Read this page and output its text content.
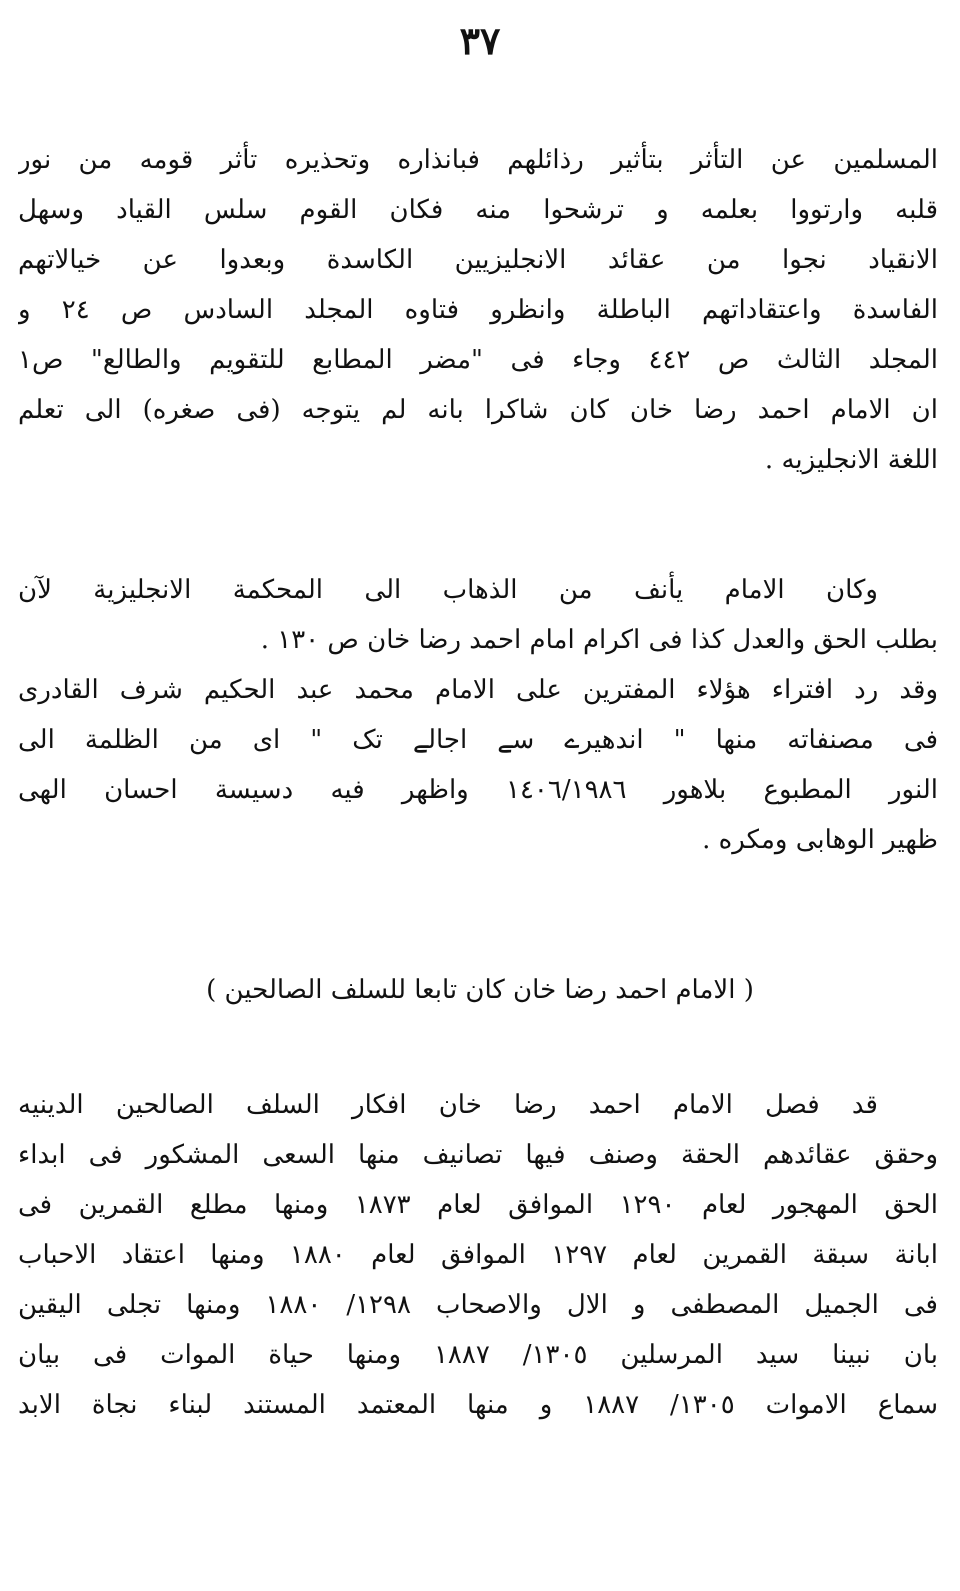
٣٧
المسلمين عن التأثر بتأثير رذائلهم فبانذاره وتحذيره تأثر قومه من نور
قلبه وارتووا بعلمه و ترشحوا منه فكان القوم سلس القياد وسهل
الانقياد نجوا من عقائد الانجليزيين الكاسدة وبعدوا عن خيالاتهم
الفاسدة واعتقاداتهم الباطلة وانظرو فتاوه المجلد السادس ص ٢٤ و
المجلد الثالث ص ٤٤٢ وجاء فى "مضر المطابع للتقويم والطالع" ص١
ان الامام احمد رضا خان كان شاكرا بانه لم يتوجه (فى صغره) الى تعلم
اللغة الانجليزيه .
وكان الامام يأنف من الذهاب الى المحكمة الانجليزية لآن
بطلب الحق والعدل كذا فى اكرام امام احمد رضا خان ص ١٣٠ .
وقد رد افتراء هؤلاء المفترين على الامام محمد عبد الحكيم شرف القادرى
فى مصنفاته منها " اندھیرے سے اجالے تک " اى من الظلمة الى
النور المطبوع بلاهور ١٤٠٦/١٩٨٦ واظهر فيه دسيسة احسان الهى
ظهير الوهابى ومكره .
( الامام احمد رضا خان كان تابعا للسلف الصالحين )
قد فصل الامام احمد رضا خان افكار السلف الصالحين الدينيه
وحقق عقائدهم الحقة وصنف فيها تصانيف منها السعى المشكور فى ابداء
الحق المهجور لعام ١٢٩٠ الموافق لعام ١٨٧٣ ومنها مطلع القمرين فى
ابانة سبقة القمرين لعام ١٢٩٧ الموافق لعام ١٨٨٠ ومنها اعتقاد الاحباب
فى الجميل المصطفى و الال والاصحاب ١٢٩٨/ ١٨٨٠ ومنها تجلى اليقين
بان نبينا سيد المرسلين ١٣٠٥/ ١٨٨٧ ومنها حياة الموات فى بيان
سماع الاموات ١٣٠٥/ ١٨٨٧ و منها المعتمد المستند لبناء نجاة الابد
